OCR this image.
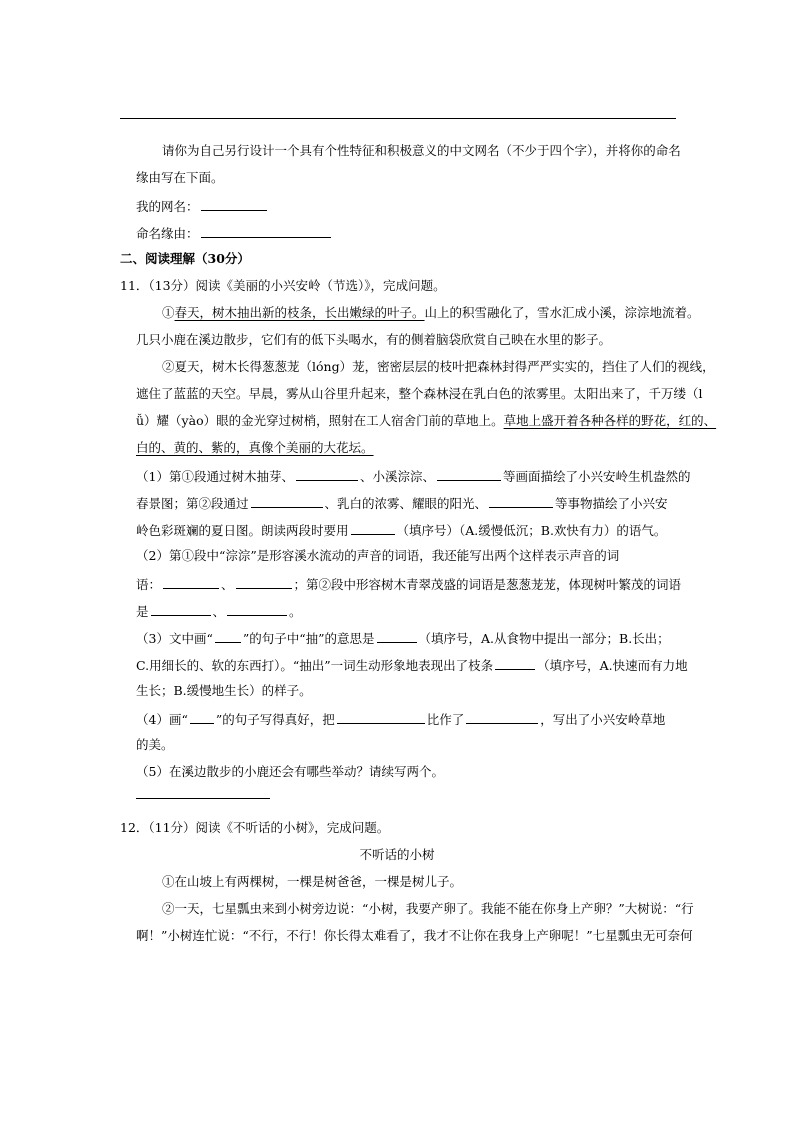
请你为自己另行设计一个具有个性特征和积极意义的中文网名（不少于四个字），并将你的命名
缘由写在下面。
我的网名：
命名缘由：
二、阅读理解（30分）
11．（13分）阅读《美丽的小兴安岭（节选）》，完成问题。
①春天，树木抽出新的枝条，长出嫩绿的叶子。山上的积雪融化了，雪水汇成小溪，淙淙地流着。
几只小鹿在溪边散步，它们有的低下头喝水，有的侧着脑袋欣赏自己映在水里的影子。
②夏天，树木长得葱葱茏（lóng）茏，密密层层的枝叶把森林封得严严实实的，挡住了人们的视线，
遮住了蓝蓝的天空。早晨，雾从山谷里升起来，整个森林浸在乳白色的浓雾里。太阳出来了，千万缕（l
ǚ）耀（yào）眼的金光穿过树梢，照射在工人宿舍门前的草地上。草地上盛开着各种各样的野花，红的、
白的、黄的、紫的，真像个美丽的大花坛。
（1）第①段通过树木抽芽、	、小溪淙淙、	等画面描绘了小兴安岭生机盎然的
春景图；第②段通过	、乳白的浓雾、耀眼的阳光、	等事物描绘了小兴安
岭色彩斑斓的夏日图。朗读两段时要用	（填序号）（A.缓慢低沉；B.欢快有力）的语气。
（2）第①段中“淙淙”是形容溪水流动的声音的词语，我还能写出两个这样表示声音的词
语：	、	；第②段中形容树木青翠茂盛的词语是葱葱茏茏，体现树叶繁茂的词语
是	、	。
（3）文中画“ ”的句子中“抽”的意思是	（填序号，A.从食物中提出一部分；B.长出；
C.用细长的、软的东西打）。“抽出”一词生动形象地表现出了枝条	（填序号，A.快速而有力地
生长；B.缓慢地生长）的样子。
（4）画“ ”的句子写得真好，把	比作了	，写出了小兴安岭草地
的美。
（5）在溪边散步的小鹿还会有哪些举动？请续写两个。
12．（11分）阅读《不听话的小树》，完成问题。
不听话的小树
①在山坡上有两棵树，一棵是树爸爸，一棵是树儿子。
②一天，七星瓢虫来到小树旁边说：“小树，我要产卵了。我能不能在你身上产卵？”大树说：“行
啊！”小树连忙说：“不行，不行！你长得太难看了，我才不让你在我身上产卵呢！”七星瓢虫无可奈何
